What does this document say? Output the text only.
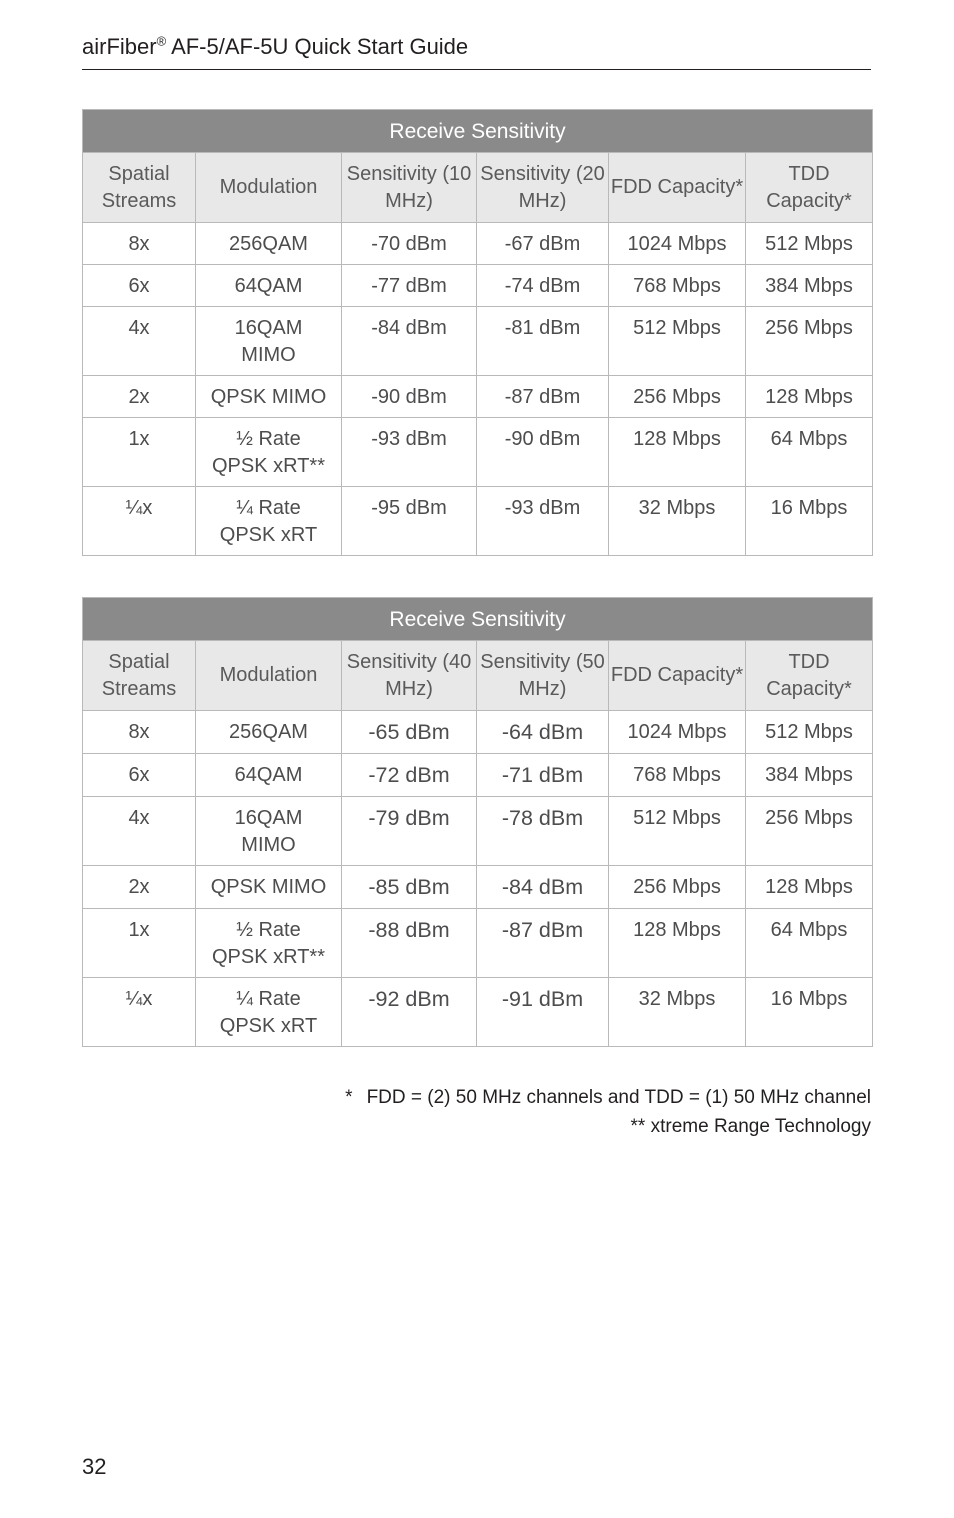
airFiber® AF-5/AF-5U Quick Start Guide
Receive Sensitivity					
Spatial Streams	Modulation	Sensitivity (10 MHz)	Sensitivity (20 MHz)	FDD Capacity*	TDD Capacity*
8x	256QAM	-70 dBm	-67 dBm	1024 Mbps	512 Mbps
6x	64QAM	-77 dBm	-74 dBm	768 Mbps	384 Mbps
4x	16QAM MIMO	-84 dBm	-81 dBm	512 Mbps	256 Mbps
2x	QPSK MIMO	-90 dBm	-87 dBm	256 Mbps	128 Mbps
1x	½ Rate QPSK xRT**	-93 dBm	-90 dBm	128 Mbps	64 Mbps
¼x	¼ Rate QPSK xRT	-95 dBm	-93 dBm	32 Mbps	16 Mbps
Receive Sensitivity					
Spatial Streams	Modulation	Sensitivity (40 MHz)	Sensitivity (50 MHz)	FDD Capacity*	TDD Capacity*
8x	256QAM	-65 dBm	-64 dBm	1024 Mbps	512 Mbps
6x	64QAM	-72 dBm	-71 dBm	768 Mbps	384 Mbps
4x	16QAM MIMO	-79 dBm	-78 dBm	512 Mbps	256 Mbps
2x	QPSK MIMO	-85 dBm	-84 dBm	256 Mbps	128 Mbps
1x	½ Rate QPSK xRT**	-88 dBm	-87 dBm	128 Mbps	64 Mbps
¼x	¼ Rate QPSK xRT	-92 dBm	-91 dBm	32 Mbps	16 Mbps
* FDD = (2) 50 MHz channels and TDD = (1) 50 MHz channel
** xtreme Range Technology
32
